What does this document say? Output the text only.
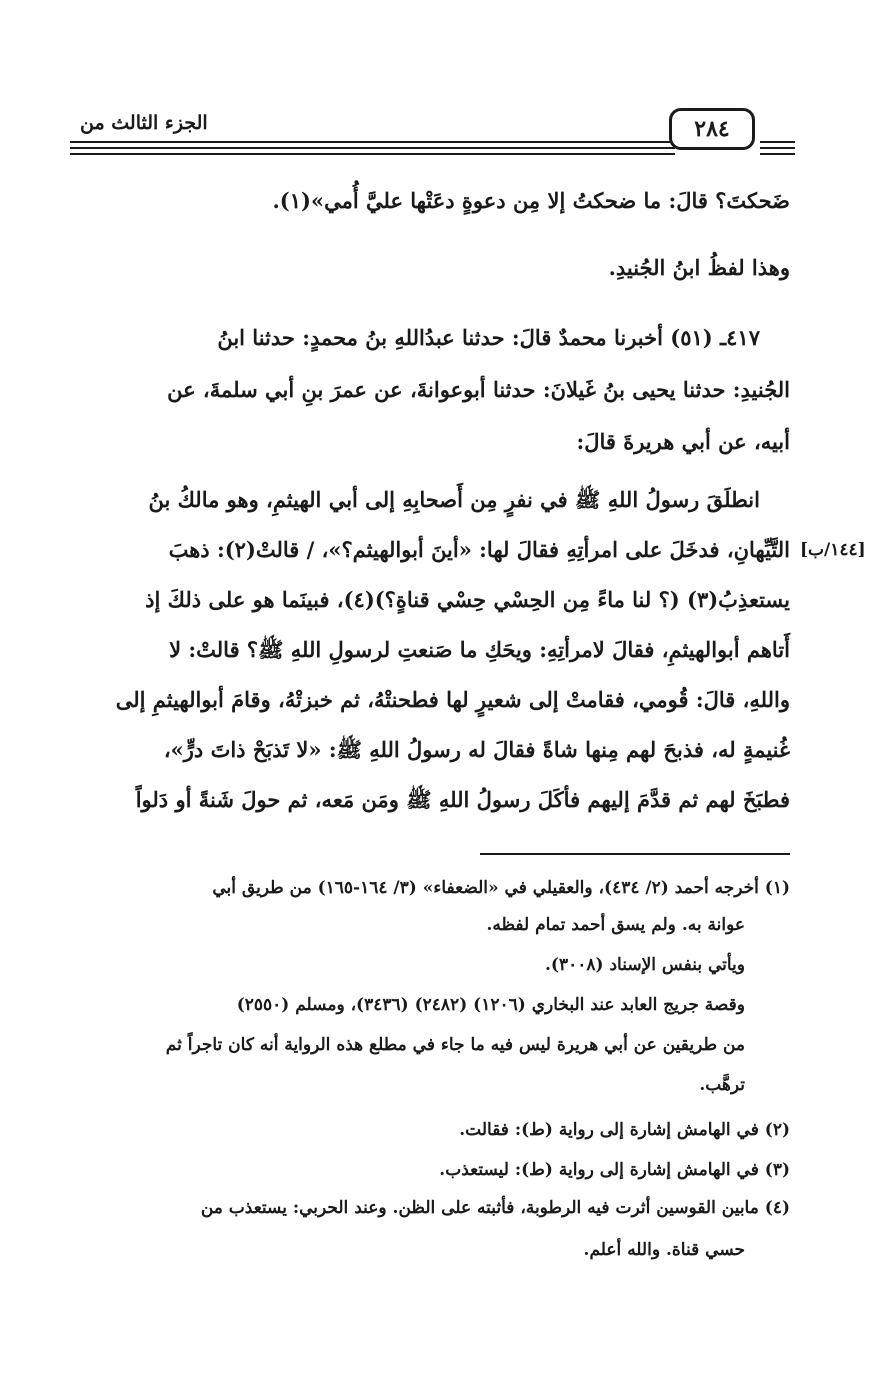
الجزء الثالث من	٢٨٤
ضَحكتَ؟ قالَ: ما ضحكتُ إلا مِن دعوةٍ دعَتْها عليَّ أُمي»(١).
وهذا لفظُ ابنُ الجُنيدِ.
٤١٧ـ (٥١) أخبرنا محمدٌ قالَ: حدثنا عبدُاللهِ بنُ محمدٍ: حدثنا ابنُ
الجُنيدِ: حدثنا يحيى بنُ غَيلانَ: حدثنا أبوعوانةَ، عن عمرَ بنِ أبي سلمةَ، عن
أبيه، عن أبي هريرةَ قالَ:
انطلَقَ رسولُ اللهِ ﷺ في نفرٍ مِن أَصحابِهِ إلى أبي الهيثمِ، وهو مالكُ بنُ
التَّيِّهانِ، فدخَلَ على امرأتِهِ فقالَ لها: «أينَ أبوالهيثم؟»، / قالتْ(٢): ذهبَ
يستعذِبُ(٣) (؟ لنا ماءً مِن الحِسْي حِسْي قناةٍ؟)(٤)، فبينَما هو على ذلكَ إذ
أَتاهم أبوالهيثمِ، فقالَ لامرأتِهِ: ويحَكِ ما صَنعتِ لرسولِ اللهِ ﷺ؟ قالتْ: لا
واللهِ، قالَ: قُومي، فقامتْ إلى شعيرٍ لها فطحنتْهُ، ثم خبزتْهُ، وقامَ أبوالهيثمِ إلى
غُنيمةٍ له، فذبحَ لهم مِنها شاةً فقالَ له رسولُ اللهِ ﷺ: «لا تَذبَحْ ذاتَ درٍّ»،
فطبَخَ لهم ثم قدَّمَ إليهم فأكَلَ رسولُ اللهِ ﷺ ومَن مَعه، ثم حولَ شَنةً أو دَلواً
[١٤٤/ب]
(١) أخرجه أحمد (٢/ ٤٣٤)، والعقيلي في «الضعفاء» (٣/ ١٦٤-١٦٥) من طريق أبي
عوانة به. ولم يسق أحمد تمام لفظه.
ويأتي بنفس الإسناد (٣٠٠٨).
وقصة جريج العابد عند البخاري (١٢٠٦) (٢٤٨٢) (٣٤٣٦)، ومسلم (٢٥٥٠)
من طريقين عن أبي هريرة ليس فيه ما جاء في مطلع هذه الرواية أنه كان تاجراً ثم
ترهَّب.
(٢) في الهامش إشارة إلى رواية (ط): فقالت.
(٣) في الهامش إشارة إلى رواية (ط): ليستعذب.
(٤) مابين القوسين أثرت فيه الرطوبة، فأثبته على الظن. وعند الحربي: يستعذب من
حسي قناة. والله أعلم.
